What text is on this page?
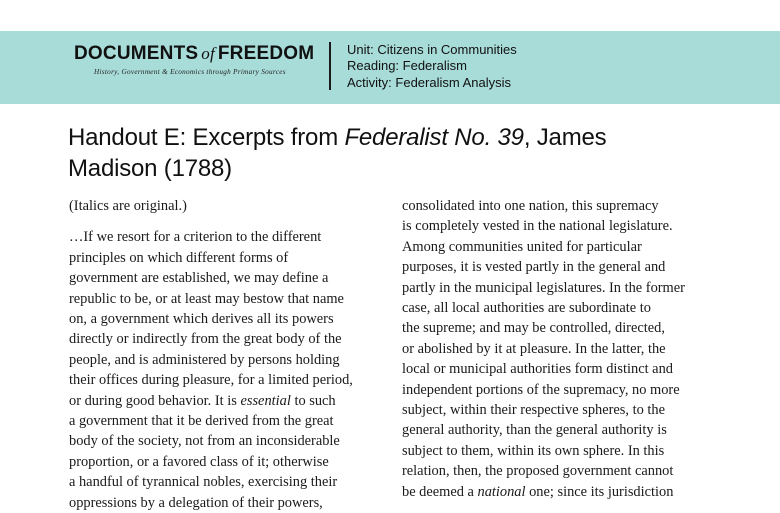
DOCUMENTS of FREEDOM
History, Government & Economics through Primary Sources
Unit: Citizens in Communities
Reading: Federalism
Activity: Federalism Analysis
Handout E: Excerpts from Federalist No. 39, James
Madison (1788)
(Italics are original.)
…If we resort for a criterion to the different
principles on which different forms of
government are established, we may define a
republic to be, or at least may bestow that name
on, a government which derives all its powers
directly or indirectly from the great body of the
people, and is administered by persons holding
their offices during pleasure, for a limited period,
or during good behavior. It is essential to such
a government that it be derived from the great
body of the society, not from an inconsiderable
proportion, or a favored class of it; otherwise
a handful of tyrannical nobles, exercising their
oppressions by a delegation of their powers,
consolidated into one nation, this supremacy
is completely vested in the national legislature.
Among communities united for particular
purposes, it is vested partly in the general and
partly in the municipal legislatures. In the former
case, all local authorities are subordinate to
the supreme; and may be controlled, directed,
or abolished by it at pleasure. In the latter, the
local or municipal authorities form distinct and
independent portions of the supremacy, no more
subject, within their respective spheres, to the
general authority, than the general authority is
subject to them, within its own sphere. In this
relation, then, the proposed government cannot
be deemed a national one; since its jurisdiction
